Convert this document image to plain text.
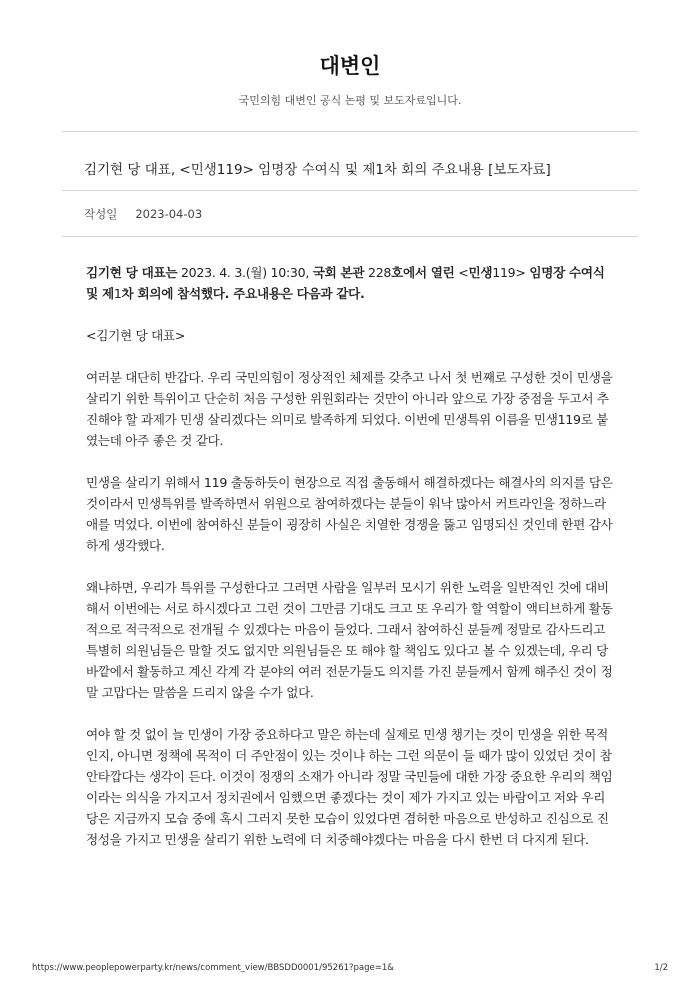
대변인
국민의힘 대변인 공식 논평 및 보도자료입니다.
김기현 당 대표, <민생119> 임명장 수여식 및 제1차 회의 주요내용 [보도자료]
작성일 2023-04-03

김기현 당 대표는 2023. 4. 3.(월) 10:30, 국회 본관 228호에서 열린 <민생119> 임명장 수여식 및 제1차 회의에 참석했다. 주요내용은 다음과 같다.

<김기현 당 대표>

여러분 대단히 반갑다. 우리 국민의힘이 정상적인 체제를 갖추고 나서 첫 번째로 구성한 것이 민생을 살리기 위한 특위이고 단순히 처음 구성한 위원회라는 것만이 아니라 앞으로 가장 중점을 두고서 추진해야 할 과제가 민생 살리겠다는 의미로 발족하게 되었다. 이번에 민생특위 이름을 민생119로 붙였는데 아주 좋은 것 같다.

민생을 살리기 위해서 119 출동하듯이 현장으로 직접 출동해서 해결하겠다는 해결사의 의지를 담은 것이라서 민생특위를 발족하면서 위원으로 참여하겠다는 분들이 워낙 많아서 커트라인을 정하느라 애를 먹었다. 이번에 참여하신 분들이 굉장히 사실은 치열한 경쟁을 뚫고 임명되신 것인데 한편 감사하게 생각했다.

왜냐하면, 우리가 특위를 구성한다고 그러면 사람을 일부러 모시기 위한 노력을 일반적인 것에 대비해서 이번에는 서로 하시겠다고 그런 것이 그만큼 기대도 크고 또 우리가 할 역할이 액티브하게 활동적으로 적극적으로 전개될 수 있겠다는 마음이 들었다. 그래서 참여하신 분들께 정말로 감사드리고 특별히 의원님들은 말할 것도 없지만 의원님들은 또 해야 할 책임도 있다고 볼 수 있겠는데, 우리 당 바깥에서 활동하고 계신 각계 각 분야의 여러 전문가들도 의지를 가진 분들께서 함께 해주신 것이 정말 고맙다는 말씀을 드리지 않을 수가 없다.

여야 할 것 없이 늘 민생이 가장 중요하다고 말은 하는데 실제로 민생 챙기는 것이 민생을 위한 목적인지, 아니면 정책에 목적이 더 주안점이 있는 것이냐 하는 그런 의문이 들 때가 많이 있었던 것이 참 안타깝다는 생각이 든다. 이것이 정쟁의 소재가 아니라 정말 국민들에 대한 가장 중요한 우리의 책임이라는 의식을 가지고서 정치권에서 임했으면 좋겠다는 것이 제가 가지고 있는 바람이고 저와 우리 당은 지금까지 모습 중에 혹시 그러지 못한 모습이 있었다면 겸허한 마음으로 반성하고 진심으로 진정성을 가지고 민생을 살리기 위한 노력에 더 치중해야겠다는 마음을 다시 한번 더 다지게 된다.

https://www.peoplepowerparty.kr/news/comment_view/BBSDD0001/95261?page=1&	1/2
